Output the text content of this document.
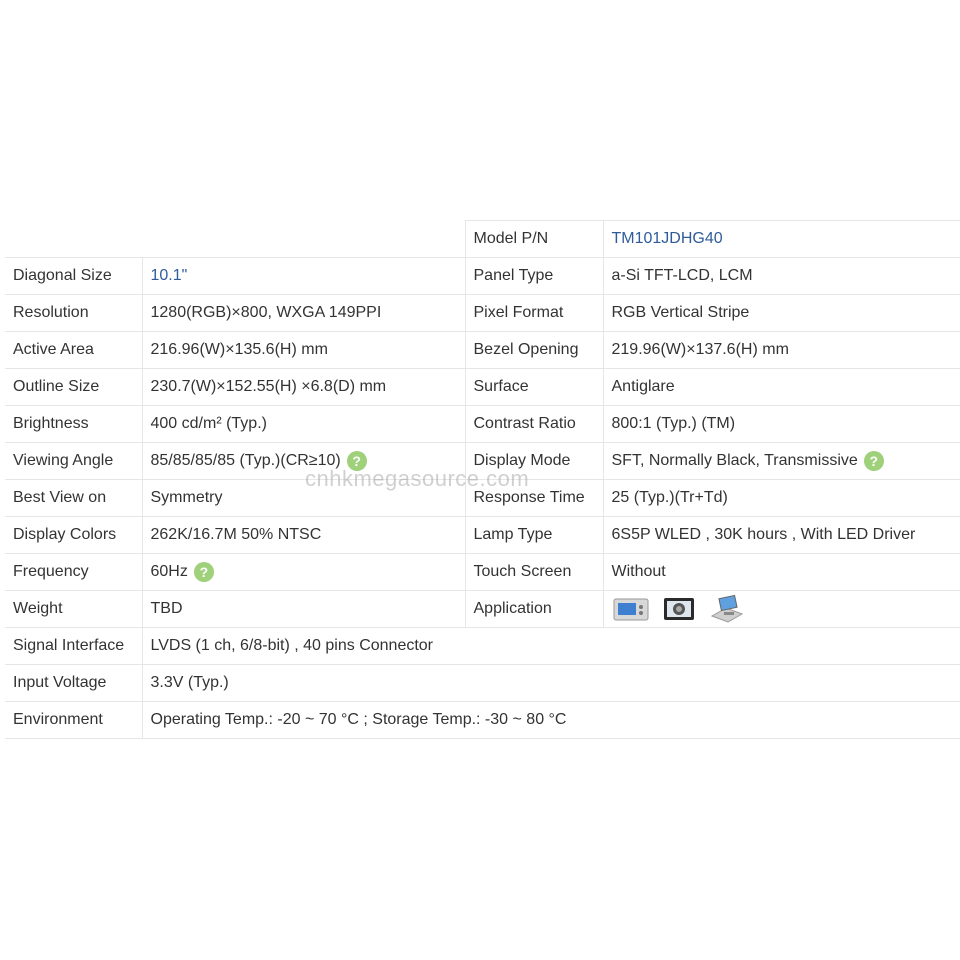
		Model P/N	TM101JDHG40
Diagonal Size	10.1"	Panel Type	a-Si TFT-LCD, LCM
Resolution	1280(RGB)×800, WXGA 149PPI	Pixel Format	RGB Vertical Stripe
Active Area	216.96(W)×135.6(H) mm	Bezel Opening	219.96(W)×137.6(H) mm
Outline Size	230.7(W)×152.55(H) ×6.8(D) mm	Surface	Antiglare
Brightness	400 cd/m² (Typ.)	Contrast Ratio	800:1 (Typ.) (TM)
Viewing Angle	85/85/85/85 (Typ.)(CR≥10) ?	Display Mode	SFT, Normally Black, Transmissive ?
Best View on	Symmetry	Response Time	25 (Typ.)(Tr+Td)
Display Colors	262K/16.7M 50% NTSC	Lamp Type	6S5P WLED , 30K hours , With LED Driver
Frequency	60Hz ?	Touch Screen	Without
Weight	TBD	Application	

Signal Interface	LVDS (1 ch, 6/8-bit) , 40 pins Connector		
Input Voltage	3.3V (Typ.)		
Environment	Operating Temp.: -20 ~ 70 °C ; Storage Temp.: -30 ~ 80 °C		
cnhkmegasource.com
